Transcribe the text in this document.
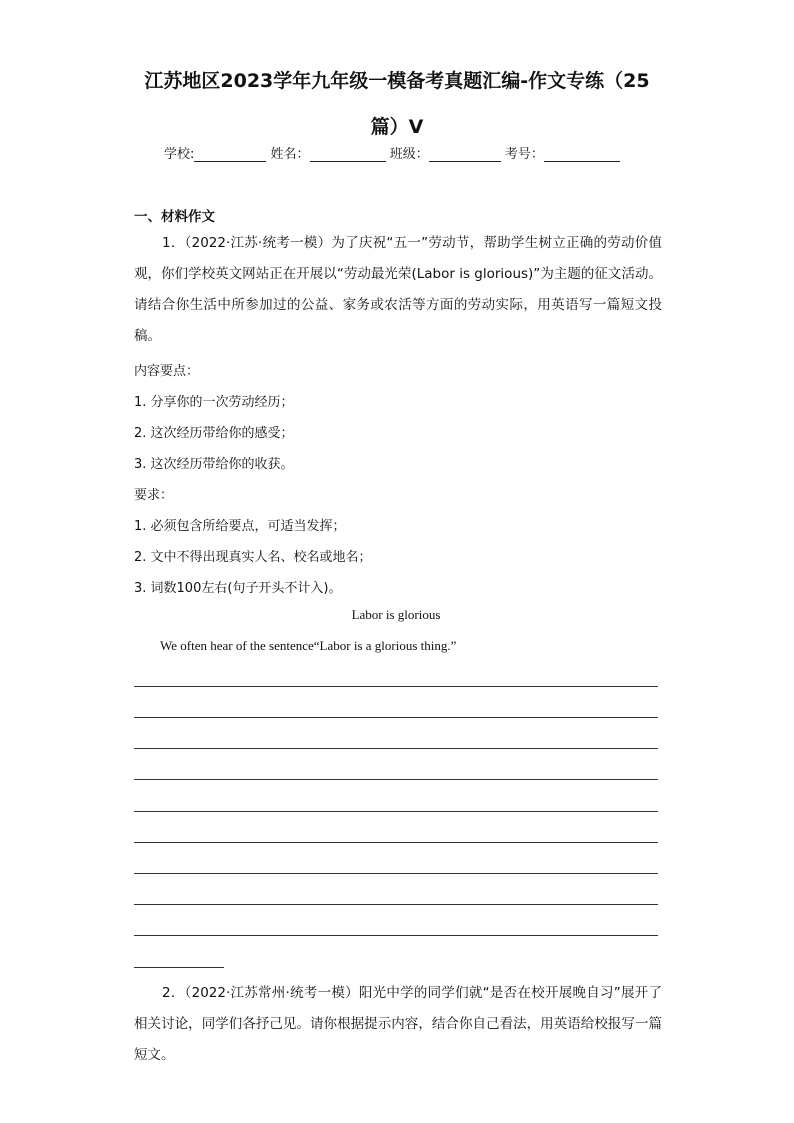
江苏地区2023学年九年级一模备考真题汇编-作文专练（25
篇）V
学校:	姓名：	班级：	考号：
一、材料作文
1．（2022·江苏·统考一模）为了庆祝“五一”劳动节，帮助学生树立正确的劳动价值观，你们学校英文网站正在开展以“劳动最光荣(Labor is glorious)”为主题的征文活动。请结合你生活中所参加过的公益、家务或农活等方面的劳动实际，用英语写一篇短文投稿。
内容要点：
1. 分享你的一次劳动经历；
2. 这次经历带给你的感受；
3. 这次经历带给你的收获。
要求：
1. 必须包含所给要点，可适当发挥；
2. 文中不得出现真实人名、校名或地名；
3. 词数100左右(句子开头不计入)。
Labor is glorious
We often hear of the sentence“Labor is a glorious thing.”
2．（2022·江苏常州·统考一模）阳光中学的同学们就“是否在校开展晚自习”展开了相关讨论，同学们各抒己见。请你根据提示内容，结合你自己看法，用英语给校报写一篇短文。
